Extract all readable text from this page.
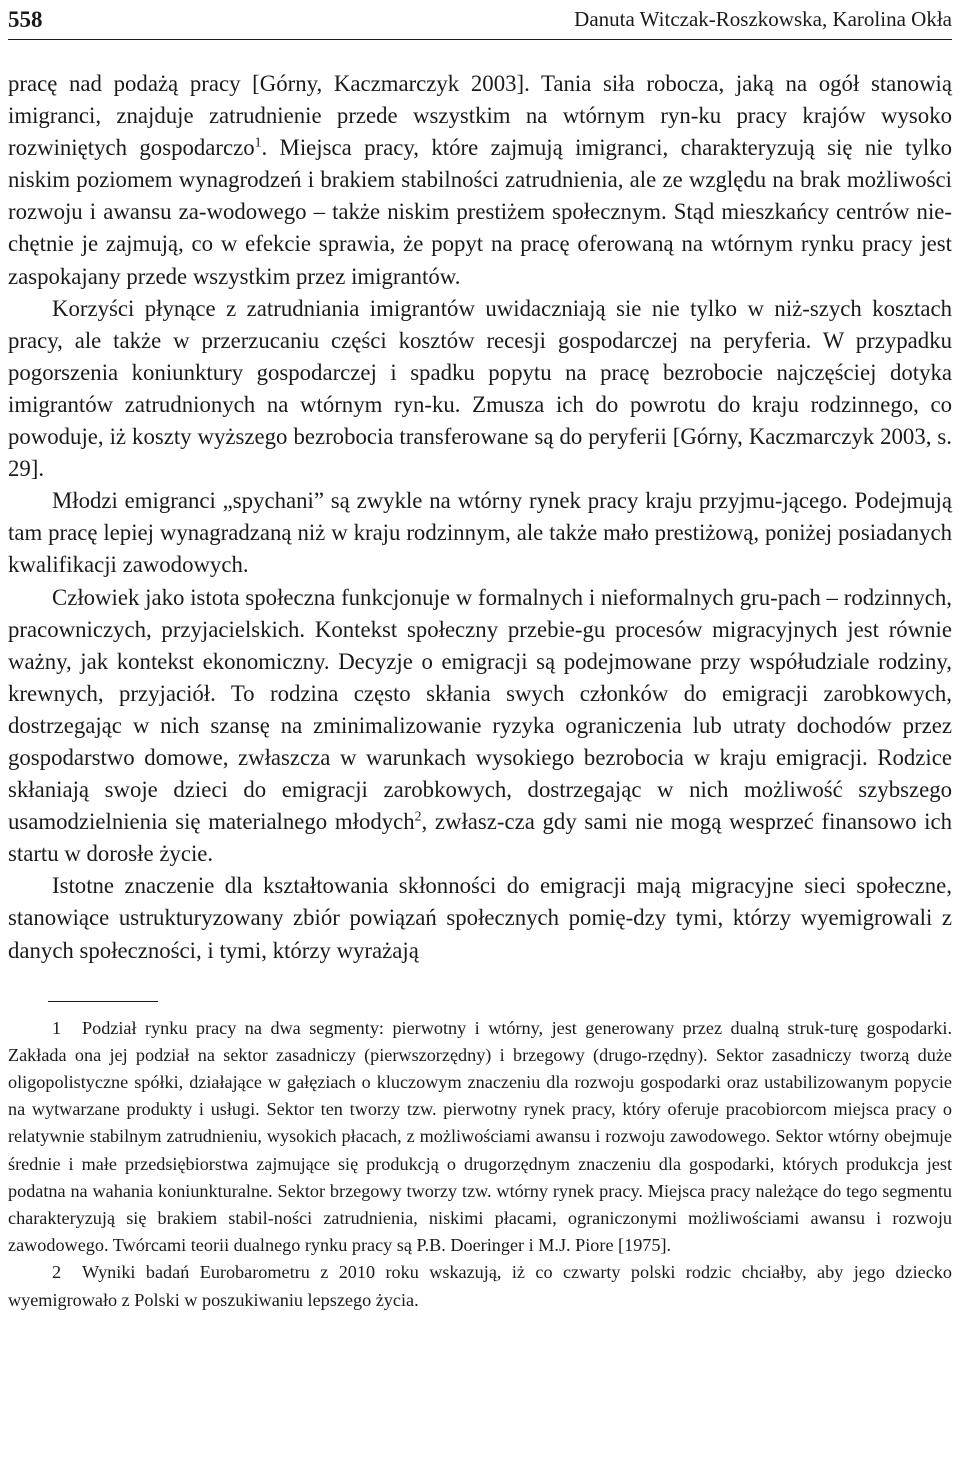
558	Danuta Witczak-Roszkowska, Karolina Okła

pracę nad podażą pracy [Górny, Kaczmarczyk 2003]. Tania siła robocza, jaką na ogół stanowią imigranci, znajduje zatrudnienie przede wszystkim na wtórnym ryn-ku pracy krajów wysoko rozwiniętych gospodarczo$^1$. Miejsca pracy, które zajmują imigranci, charakteryzują się nie tylko niskim poziomem wynagrodzeń i brakiem stabilności zatrudnienia, ale ze względu na brak możliwości rozwoju i awansu za-wodowego – także niskim prestiżem społecznym. Stąd mieszkańcy centrów nie-chętnie je zajmują, co w efekcie sprawia, że popyt na pracę oferowaną na wtórnym rynku pracy jest zaspokajany przede wszystkim przez imigrantów.

Korzyści płynące z zatrudniania imigrantów uwidaczniają sie nie tylko w niż-szych kosztach pracy, ale także w przerzucaniu części kosztów recesji gospodarczej na peryferia. W przypadku pogorszenia koniunktury gospodarczej i spadku popytu na pracę bezrobocie najczęściej dotyka imigrantów zatrudnionych na wtórnym ryn-ku. Zmusza ich do powrotu do kraju rodzinnego, co powoduje, iż koszty wyższego bezrobocia transferowane są do peryferii [Górny, Kaczmarczyk 2003, s. 29].

Młodzi emigranci „spychani” są zwykle na wtórny rynek pracy kraju przyjmu-jącego. Podejmują tam pracę lepiej wynagradzaną niż w kraju rodzinnym, ale także mało prestiżową, poniżej posiadanych kwalifikacji zawodowych.

Człowiek jako istota społeczna funkcjonuje w formalnych i nieformalnych gru-pach – rodzinnych, pracowniczych, przyjacielskich. Kontekst społeczny przebie-gu procesów migracyjnych jest równie ważny, jak kontekst ekonomiczny. Decyzje o emigracji są podejmowane przy współudziale rodziny, krewnych, przyjaciół. To rodzina często skłania swych członków do emigracji zarobkowych, dostrzegając w nich szansę na zminimalizowanie ryzyka ograniczenia lub utraty dochodów przez gospodarstwo domowe, zwłaszcza w warunkach wysokiego bezrobocia w kraju emigracji. Rodzice skłaniają swoje dzieci do emigracji zarobkowych, dostrzegając w nich możliwość szybszego usamodzielnienia się materialnego młodych$^2$, zwłasz-cza gdy sami nie mogą wesprzeć finansowo ich startu w dorosłe życie.

Istotne znaczenie dla kształtowania skłonności do emigracji mają migracyjne sieci społeczne, stanowiące ustrukturyzowany zbiór powiązań społecznych pomię-dzy tymi, którzy wyemigrowali z danych społeczności, i tymi, którzy wyrażają

1 Podział rynku pracy na dwa segmenty: pierwotny i wtórny, jest generowany przez dualną struk-turę gospodarki. Zakłada ona jej podział na sektor zasadniczy (pierwszorzędny) i brzegowy (drugo-rzędny). Sektor zasadniczy tworzą duże oligopolistyczne spółki, działające w gałęziach o kluczowym znaczeniu dla rozwoju gospodarki oraz ustabilizowanym popycie na wytwarzane produkty i usługi. Sektor ten tworzy tzw. pierwotny rynek pracy, który oferuje pracobiorcom miejsca pracy o relatywnie stabilnym zatrudnieniu, wysokich płacach, z możliwościami awansu i rozwoju zawodowego. Sektor wtórny obejmuje średnie i małe przedsiębiorstwa zajmujące się produkcją o drugorzędnym znaczeniu dla gospodarki, których produkcja jest podatna na wahania koniunkturalne. Sektor brzegowy tworzy tzw. wtórny rynek pracy. Miejsca pracy należące do tego segmentu charakteryzują się brakiem stabil-ności zatrudnienia, niskimi płacami, ograniczonymi możliwościami awansu i rozwoju zawodowego. Twórcami teorii dualnego rynku pracy są P.B. Doeringer i M.J. Piore [1975].

2 Wyniki badań Eurobarometru z 2010 roku wskazują, iż co czwarty polski rodzic chciałby, aby jego dziecko wyemigrowało z Polski w poszukiwaniu lepszego życia.
